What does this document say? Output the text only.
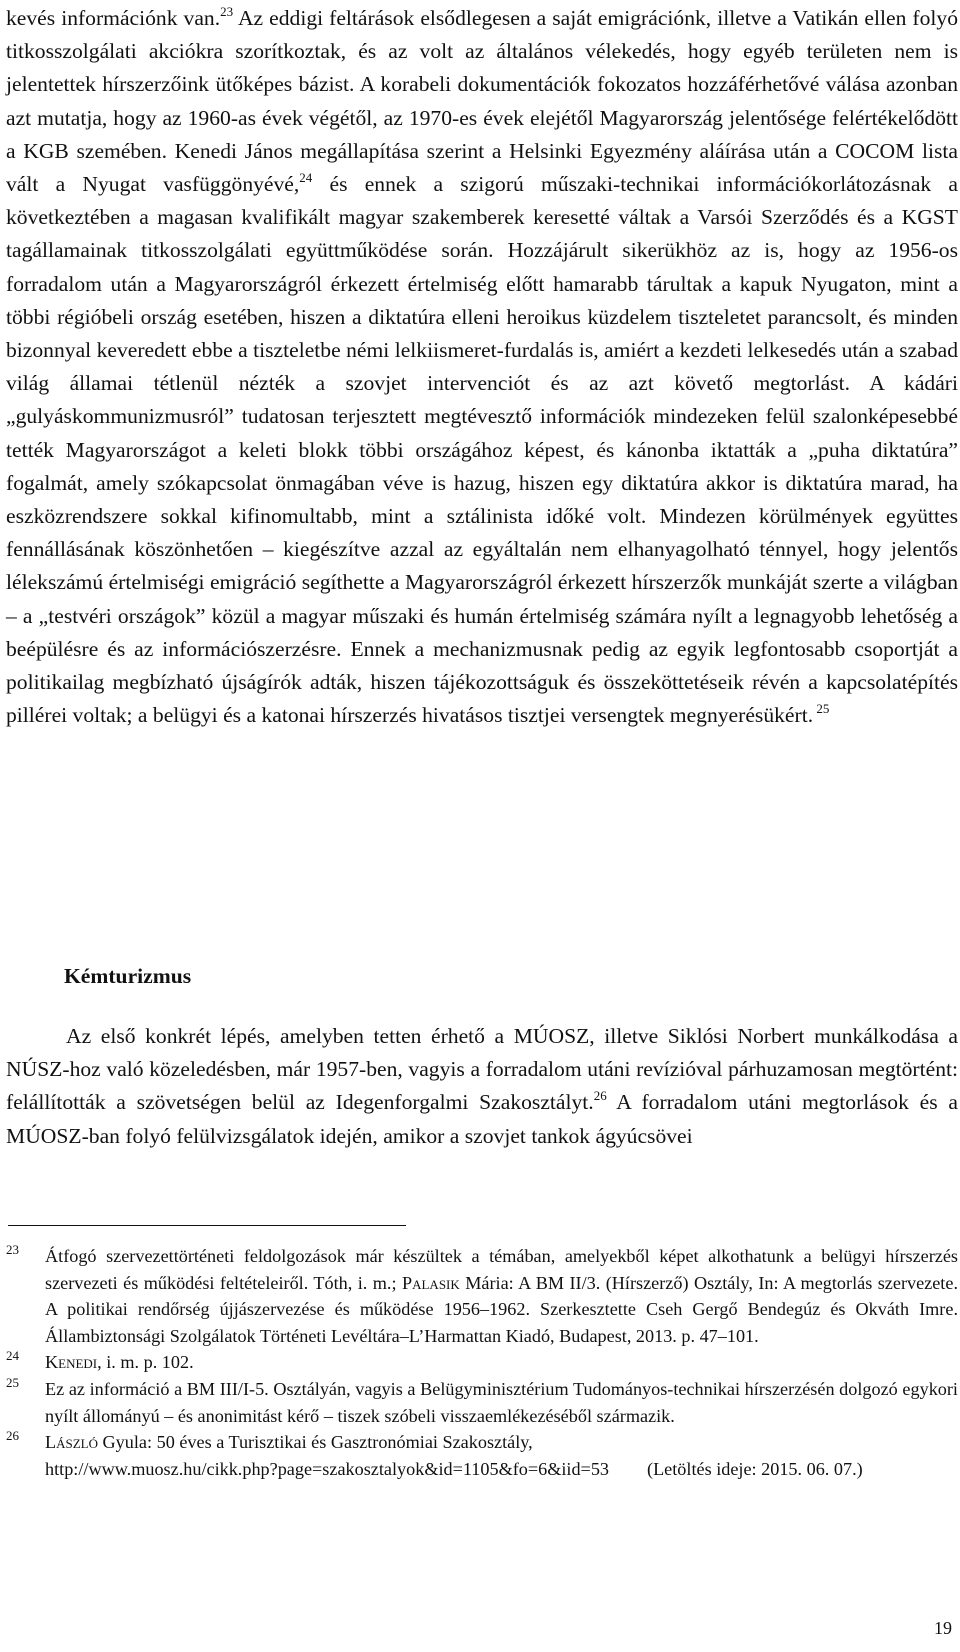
kevés információnk van.$^{23}$ Az eddigi feltárások elsődlegesen a saját emigrációnk, illetve a Vatikán ellen folyó titkosszolgálati akciókra szorítkoztak, és az volt az általános vélekedés, hogy egyéb területen nem is jelentettek hírszerzőink ütőképes bázist. A korabeli dokumentációk fokozatos hozzáférhetővé válása azonban azt mutatja, hogy az 1960-as évek végétől, az 1970-es évek elejétől Magyarország jelentősége felértékelődött a KGB szemében. Kenedi János megállapítása szerint a Helsinki Egyezmény aláírása után a COCOM lista vált a Nyugat vasfüggönyévé,$^{24}$ és ennek a szigorú műszaki-technikai információkorlátozásnak a következtében a magasan kvalifikált magyar szakemberek keresetté váltak a Varsói Szerződés és a KGST tagállamainak titkosszolgálati együttműködése során. Hozzájárult sikerükhöz az is, hogy az 1956-os forradalom után a Magyarországról érkezett értelmiség előtt hamarabb tárultak a kapuk Nyugaton, mint a többi régióbeli ország esetében, hiszen a diktatúra elleni heroikus küzdelem tiszteletet parancsolt, és minden bizonnyal keveredett ebbe a tiszteletbe némi lelkiismeret-furdalás is, amiért a kezdeti lelkesedés után a szabad világ államai tétlenül nézték a szovjet intervenciót és az azt követő megtorlást. A kádári „gulyáskommunizmusról” tudatosan terjesztett megtévesztő információk mindezeken felül szalonképesebbé tették Magyarországot a keleti blokk többi országához képest, és kánonba iktatták a „puha diktatúra” fogalmát, amely szókapcsolat önmagában véve is hazug, hiszen egy diktatúra akkor is diktatúra marad, ha eszközrendszere sokkal kifinomultabb, mint a sztálinista időké volt. Mindezen körülmények együttes fennállásának köszönhetően – kiegészítve azzal az egyáltalán nem elhanyagolható ténnyel, hogy jelentős lélekszámú értelmiségi emigráció segíthette a Magyarországról érkezett hírszerzők munkáját szerte a világban – a „testvéri országok” közül a magyar műszaki és humán értelmiség számára nyílt a legnagyobb lehetőség a beépülésre és az információszerzésre. Ennek a mechanizmusnak pedig az egyik legfontosabb csoportját a politikailag megbízható újságírók adták, hiszen tájékozottságuk és összeköttetéseik révén a kapcsolatépítés pillérei voltak; a belügyi és a katonai hírszerzés hivatásos tisztjei versengtek megnyerésükért. $^{25}$

Kémturizmus

Az első konkrét lépés, amelyben tetten érhető a MÚOSZ, illetve Siklósi Norbert munkálkodása a NÚSZ-hoz való közeledésben, már 1957-ben, vagyis a forradalom utáni revízióval párhuzamosan megtörtént: felállították a szövetségen belül az Idegenforgalmi Szakosztályt.$^{26}$ A forradalom utáni megtorlások és a MÚOSZ-ban folyó felülvizsgálatok idején, amikor a szovjet tankok ágyúcsövei

23 Átfogó szervezettörténeti feldolgozások már készültek a témában, amelyekből képet alkothatunk a belügyi hírszerzés szervezeti és működési feltételeiről. Tóth, i. m.; Palasik Mária: A BM II/3. (Hírszerző) Osztály, In: A megtorlás szervezete. A politikai rendőrség újjászervezése és működése 1956–1962. Szerkesztette Cseh Gergő Bendegúz és Okváth Imre. Állambiztonsági Szolgálatok Történeti Levéltára–L’Harmattan Kiadó, Budapest, 2013. p. 47–101.

24 Kenedi, i. m. p. 102.

25 Ez az információ a BM III/I-5. Osztályán, vagyis a Belügyminisztérium Tudományos-technikai hírszerzésén dolgozó egykori nyílt állományú – és anonimitást kérő – tiszek szóbeli visszaemlékezéséből származik.

26 László Gyula: 50 éves a Turisztikai és Gasztronómiai Szakosztály,
http://www.muosz.hu/cikk.php?page=szakosztalyok&id=1105&fo=6&iid=53 (Letöltés ideje: 2015. 06. 07.)

19
